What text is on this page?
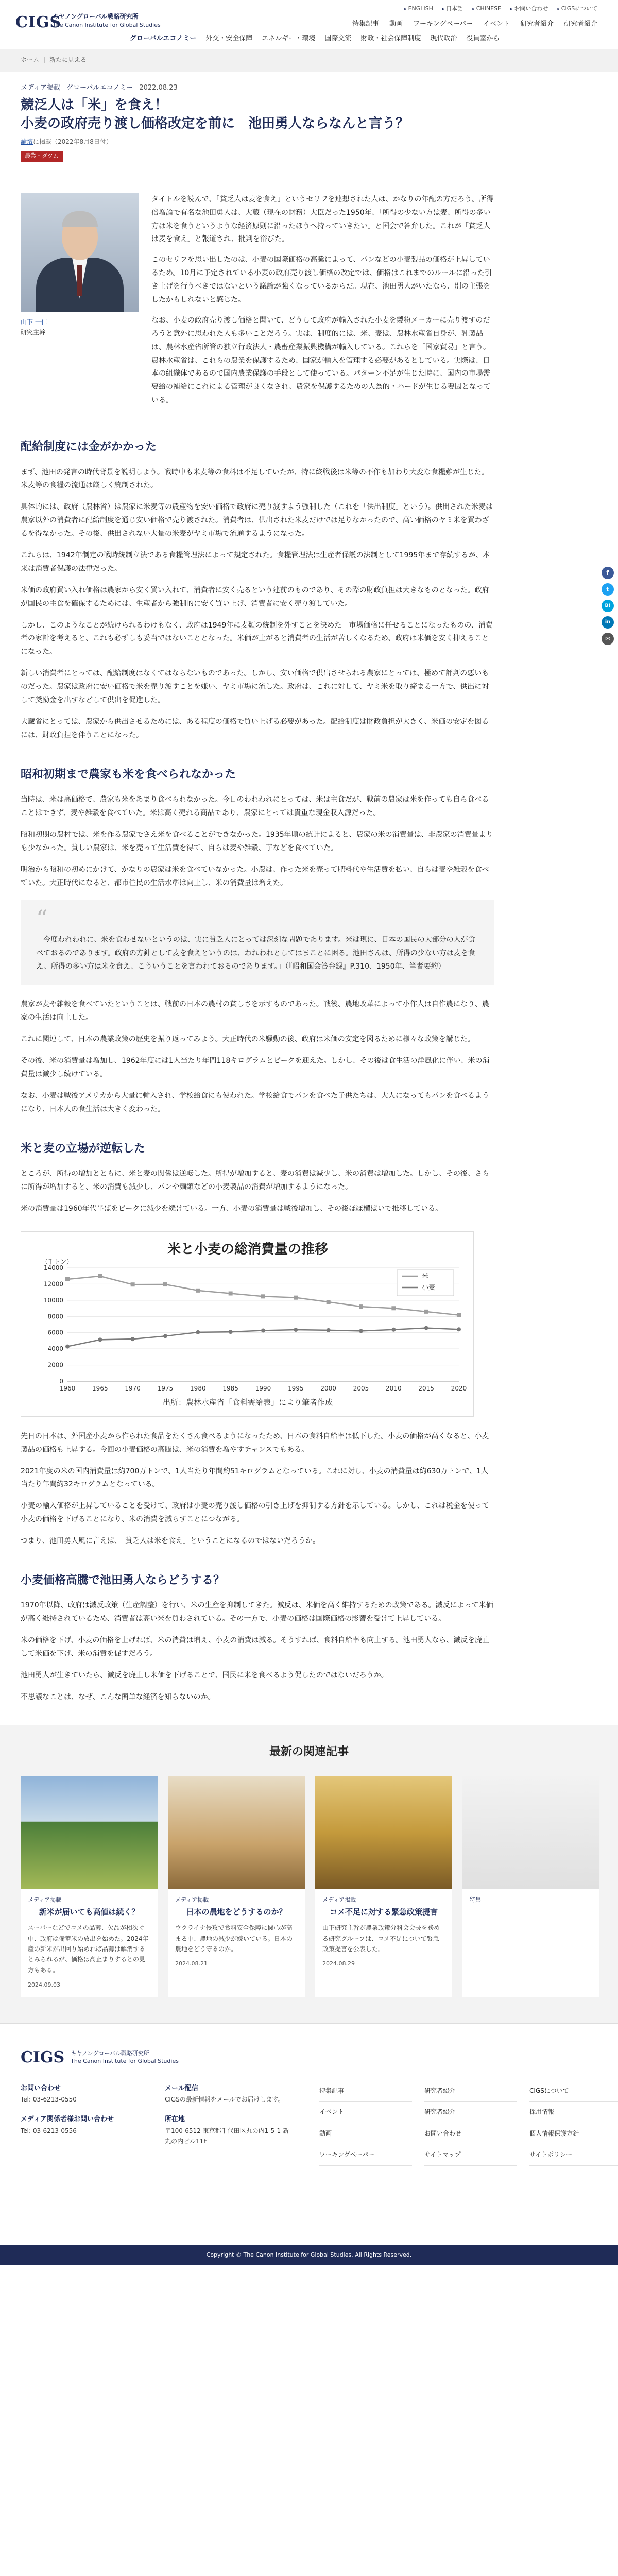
CIGS
キヤノングローバル戦略研究所
The Canon Institute for Global Studies
▸ ENGLISH	▸ 日本語	▸ CHINESE	▸ お問い合わせ	▸ CIGSについて
特集記事 動画 ワーキングペーパー イベント 研究者紹介 研究者紹介
グローバルエコノミー 外交・安全保障 エネルギー・環境 国際交流 財政・社会保障制度 現代政治 役員室から
ホーム | 新たに見える
f
t
B!
in
✉
メディア掲載 グローバルエコノミー 2022.08.23
競泛人は「米」を食え！
小麦の政府売り渡し価格改定を前に　池田勇人ならなんと言う？
論壇に掲載（2022年8月8日付）
農業・ダツム
山下 一仁
研究主幹

タイトルを読んで、「貧乏人は麦を食え」というセリフを連想された人は、かなりの年配の方だろう。所得倍増論で有名な池田勇人は、大蔵（現在の財務）大臣だった1950年、「所得の少ない方は麦、所得の多い方は米を食うというような経済原則に沿ったほうへ持っていきたい」と国会で答弁した。これが「貧乏人は麦を食え」と報道され、批判を浴びた。

このセリフを思い出したのは、小麦の国際価格の高騰によって、パンなどの小麦製品の価格が上昇しているため。10月に予定されている小麦の政府売り渡し価格の改定では、価格はこれまでのルールに沿った引き上げを行うべきではないという議論が強くなっているからだ。現在、池田勇人がいたなら、別の主張をしたかもしれないと感じた。

なお、小麦の政府売り渡し価格と聞いて、どうして政府が輸入された小麦を製粉メーカーに売り渡すのだろうと意外に思われた人も多いことだろう。実は、制度的には、米、麦は、農林水産省自身が、乳製品は、農林水産省所管の独立行政法人・農畜産業振興機構が輸入している。これらを「国家貿易」と言う。農林水産省は、これらの農業を保護するため、国家が輸入を管理する必要があるとしている。実際は、日本の組織体であるので国内農業保護の手段として使っている。パターン不足が生じた時に、国内の市場需要給の補給にこれによる管理が良くなされ、農家を保護するための人為的・ハードが生じる要因となっている。

配給制度には金がかかった

まず、池田の発言の時代背景を説明しよう。戦時中も米麦等の食料は不足していたが、特に終戦後は米等の不作も加わり大変な食糧難が生じた。米麦等の食糧の流通は厳しく統制された。

具体的には、政府（農林省）は農家に米麦等の農産物を安い価格で政府に売り渡すよう強制した（これを「供出制度」という）。供出された米麦は農家以外の消費者に配給制度を通じ安い価格で売り渡された。消費者は、供出された米麦だけでは足りなかったので、高い価格のヤミ米を買わざるを得なかった。その後、供出されない大量の米麦がヤミ市場で流通するようになった。

これらは、1942年制定の戦時統制立法である食糧管理法によって規定された。食糧管理法は生産者保護の法制として1995年まで存続するが、本来は消費者保護の法律だった。

米価の政府買い入れ価格は農家から安く買い入れて、消費者に安く売るという建前のものであり、その際の財政負担は大きなものとなった。政府が国民の主食を確保するためには、生産者から強制的に安く買い上げ、消費者に安く売り渡していた。

しかし、このようなことが続けられるわけもなく、政府は1949年に麦類の統制を外すことを決めた。市場価格に任せることになったものの、消費者の家計を考えると、これも必ずしも妥当ではないこととなった。米価が上がると消費者の生活が苦しくなるため、政府は米価を安く抑えることになった。

新しい消費者にとっては、配給制度はなくてはならないものであった。しかし、安い価格で供出させられる農家にとっては、極めて評判の悪いものだった。農家は政府に安い価格で米を売り渡すことを嫌い、ヤミ市場に流した。政府は、これに対して、ヤミ米を取り締まる一方で、供出に対して奨励金を出すなどして供出を促進した。

大蔵省にとっては、農家から供出させるためには、ある程度の価格で買い上げる必要があった。配給制度は財政負担が大きく、米価の安定を図るには、財政負担を伴うことになった。

昭和初期まで農家も米を食べられなかった

当時は、米は高価格で、農家も米をあまり食べられなかった。今日のわれわれにとっては、米は主食だが、戦前の農家は米を作っても自ら食べることはできず、麦や雑穀を食べていた。米は高く売れる商品であり、農家にとっては貴重な現金収入源だった。

昭和初期の農村では、米を作る農家でさえ米を食べることができなかった。1935年頃の統計によると、農家の米の消費量は、非農家の消費量よりも少なかった。貧しい農家は、米を売って生活費を得て、自らは麦や雑穀、芋などを食べていた。

明治から昭和の初めにかけて、かなりの農家は米を食べていなかった。小農は、作った米を売って肥料代や生活費を払い、自らは麦や雑穀を食べていた。大正時代になると、都市住民の生活水準は向上し、米の消費量は増えた。

“

「今度われわれに、米を食わせないというのは、実に貧乏人にとっては深刻な問題であります。米は現に、日本の国民の大部分の人が食べておるのであります。政府の方針として麦を食えというのは、われわれとしてはまことに困る。池田さんは、所得の少ない方は麦を食え、所得の多い方は米を食え、こういうことを言われておるのであります。」（『昭和国会答弁録』P.310、1950年、筆者要約）

農家が麦や雑穀を食べていたということは、戦前の日本の農村の貧しさを示すものであった。戦後、農地改革によって小作人は自作農になり、農家の生活は向上した。

これに関連して、日本の農業政策の歴史を振り返ってみよう。大正時代の米騒動の後、政府は米価の安定を図るために様々な政策を講じた。

その後、米の消費量は増加し、1962年度には1人当たり年間118キログラムとピークを迎えた。しかし、その後は食生活の洋風化に伴い、米の消費量は減少し続けている。

なお、小麦は戦後アメリカから大量に輸入され、学校給食にも使われた。学校給食でパンを食べた子供たちは、大人になってもパンを食べるようになり、日本人の食生活は大きく変わった。

米と麦の立場が逆転した

ところが、所得の増加とともに、米と麦の関係は逆転した。所得が増加すると、麦の消費は減少し、米の消費は増加した。しかし、その後、さらに所得が増加すると、米の消費も減少し、パンや麺類などの小麦製品の消費が増加するようになった。

米の消費量は1960年代半ばをピークに減少を続けている。一方、小麦の消費量は戦後増加し、その後ほぼ横ばいで推移している。

米と小麦の総消費量の推移
（千トン）
0
2000
4000
6000
8000
10000
12000
14000
1960	1965	1970	1975	1980	1985	1990	1995	2000	2005	2010	2015	2020
米
小麦
出所：農林水産省「食料需給表」により筆者作成

先日の日本は、外国産小麦から作られた食品をたくさん食べるようになったため、日本の食料自給率は低下した。小麦の価格が高くなると、小麦製品の価格も上昇する。今回の小麦価格の高騰は、米の消費を増やすチャンスでもある。

2021年度の米の国内消費量は約700万トンで、1人当たり年間約51キログラムとなっている。これに対し、小麦の消費量は約630万トンで、1人当たり年間約32キログラムとなっている。

小麦の輸入価格が上昇していることを受けて、政府は小麦の売り渡し価格の引き上げを抑制する方針を示している。しかし、これは税金を使って小麦の価格を下げることになり、米の消費を減らすことにつながる。

つまり、池田勇人風に言えば、「貧乏人は米を食え」ということになるのではないだろうか。

小麦価格高騰で池田勇人ならどうする？

1970年以降、政府は減反政策（生産調整）を行い、米の生産を抑制してきた。減反は、米価を高く維持するための政策である。減反によって米価が高く維持されているため、消費者は高い米を買わされている。その一方で、小麦の価格は国際価格の影響を受けて上昇している。

米の価格を下げ、小麦の価格を上げれば、米の消費は増え、小麦の消費は減る。そうすれば、食料自給率も向上する。池田勇人なら、減反を廃止して米価を下げ、米の消費を促すだろう。

池田勇人が生きていたら、減反を廃止し米価を下げることで、国民に米を食べるよう促したのではないだろうか。

不思議なことは、なぜ、こんな簡単な経済を知らないのか。

最新の関連記事
メディア掲載
新米が届いても高値は続く？
スーパーなどでコメの品薄、欠品が相次ぐ中、政府は備蓄米の放出を始めた。2024年産の新米が出回り始めれば品薄は解消するとみられるが、価格は高止まりするとの見方もある。
2024.09.03
メディア掲載
日本の農地をどうするのか？
ウクライナ侵攻で食料安全保障に関心が高まる中、農地の減少が続いている。日本の農地をどう守るのか。
2024.08.21
メディア掲載
コメ不足に対する緊急政策提言
山下研究主幹が農業政策分科会会長を務める研究グループは、コメ不足について緊急政策提言を公表した。
2024.08.29
特集
CIGS キヤノングローバル戦略研究所
The Canon Institute for Global Studies
お問い合わせ
Tel: 03-6213-0550
メール配信
CIGSの最新情報をメールでお届けします。
メディア関係者様お問い合わせ
Tel: 03-6213-0556
所在地
〒100-6512 東京都千代田区丸の内1-5-1 新丸の内ビル11F
特集記事	研究者紹介	CIGSについて
イベント	研究者紹介	採用情報
動画	お問い合わせ	個人情報保護方針
ワーキングペーパー	サイトマップ	サイトポリシー
Copyright © The Canon Institute for Global Studies. All Rights Reserved.
